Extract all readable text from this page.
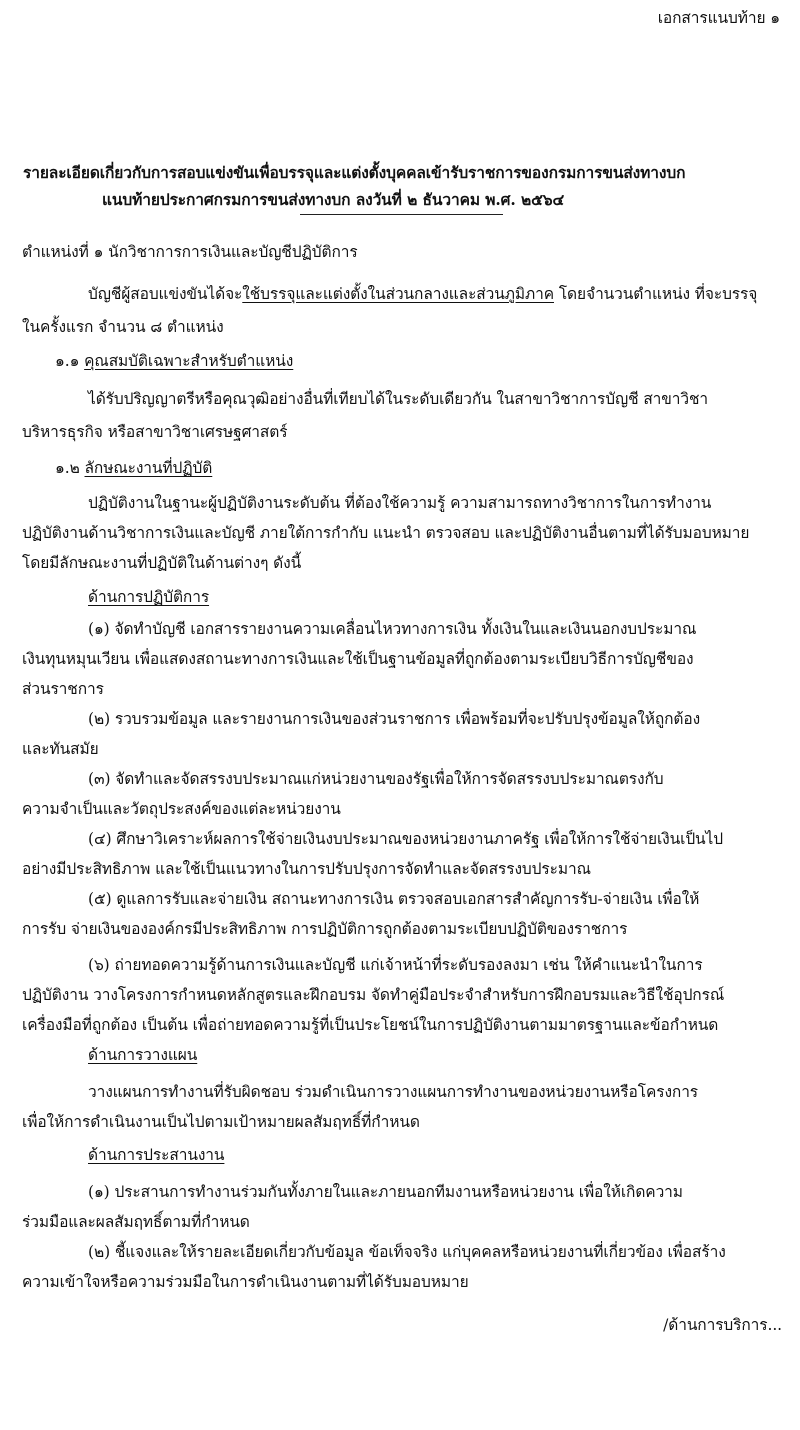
เอกสารแนบท้าย ๑
รายละเอียดเกี่ยวกับการสอบแข่งขันเพื่อบรรจุและแต่งตั้งบุคคลเข้ารับราชการของกรมการขนส่งทางบก
แนบท้ายประกาศกรมการขนส่งทางบก ลงวันที่ ๒ ธันวาคม พ.ศ. ๒๕๖๔
ตำแหน่งที่ ๑ นักวิชาการการเงินและบัญชีปฏิบัติการ
บัญชีผู้สอบแข่งขันได้จะใช้บรรจุและแต่งตั้งในส่วนกลางและส่วนภูมิภาค โดยจำนวนตำแหน่ง ที่จะบรรจุ
ในครั้งแรก จำนวน ๘ ตำแหน่ง
๑.๑ คุณสมบัติเฉพาะสำหรับตำแหน่ง
ได้รับปริญญาตรีหรือคุณวุฒิอย่างอื่นที่เทียบได้ในระดับเดียวกัน ในสาขาวิชาการบัญชี สาขาวิชา
บริหารธุรกิจ หรือสาขาวิชาเศรษฐศาสตร์
๑.๒ ลักษณะงานที่ปฏิบัติ
ปฏิบัติงานในฐานะผู้ปฏิบัติงานระดับต้น ที่ต้องใช้ความรู้ ความสามารถทางวิชาการในการทำงาน
ปฏิบัติงานด้านวิชาการเงินและบัญชี ภายใต้การกำกับ แนะนำ ตรวจสอบ และปฏิบัติงานอื่นตามที่ได้รับมอบหมาย
โดยมีลักษณะงานที่ปฏิบัติในด้านต่างๆ ดังนี้
ด้านการปฏิบัติการ
(๑) จัดทำบัญชี เอกสารรายงานความเคลื่อนไหวทางการเงิน ทั้งเงินในและเงินนอกงบประมาณ
เงินทุนหมุนเวียน เพื่อแสดงสถานะทางการเงินและใช้เป็นฐานข้อมูลที่ถูกต้องตามระเบียบวิธีการบัญชีของ
ส่วนราชการ
(๒) รวบรวมข้อมูล และรายงานการเงินของส่วนราชการ เพื่อพร้อมที่จะปรับปรุงข้อมูลให้ถูกต้อง
และทันสมัย
(๓) จัดทำและจัดสรรงบประมาณแก่หน่วยงานของรัฐเพื่อให้การจัดสรรงบประมาณตรงกับ
ความจำเป็นและวัตถุประสงค์ของแต่ละหน่วยงาน
(๔) ศึกษาวิเคราะห์ผลการใช้จ่ายเงินงบประมาณของหน่วยงานภาครัฐ เพื่อให้การใช้จ่ายเงินเป็นไป
อย่างมีประสิทธิภาพ และใช้เป็นแนวทางในการปรับปรุงการจัดทำและจัดสรรงบประมาณ
(๕) ดูแลการรับและจ่ายเงิน สถานะทางการเงิน ตรวจสอบเอกสารสำคัญการรับ-จ่ายเงิน เพื่อให้
การรับ จ่ายเงินขององค์กรมีประสิทธิภาพ การปฏิบัติการถูกต้องตามระเบียบปฏิบัติของราชการ
(๖) ถ่ายทอดความรู้ด้านการเงินและบัญชี แก่เจ้าหน้าที่ระดับรองลงมา เช่น ให้คำแนะนำในการ
ปฏิบัติงาน วางโครงการกำหนดหลักสูตรและฝึกอบรม จัดทำคู่มือประจำสำหรับการฝึกอบรมและวิธีใช้อุปกรณ์
เครื่องมือที่ถูกต้อง เป็นต้น เพื่อถ่ายทอดความรู้ที่เป็นประโยชน์ในการปฏิบัติงานตามมาตรฐานและข้อกำหนด
ด้านการวางแผน
วางแผนการทำงานที่รับผิดชอบ ร่วมดำเนินการวางแผนการทำงานของหน่วยงานหรือโครงการ
เพื่อให้การดำเนินงานเป็นไปตามเป้าหมายผลสัมฤทธิ์ที่กำหนด
ด้านการประสานงาน
(๑) ประสานการทำงานร่วมกันทั้งภายในและภายนอกทีมงานหรือหน่วยงาน เพื่อให้เกิดความ
ร่วมมือและผลสัมฤทธิ์ตามที่กำหนด
(๒) ชี้แจงและให้รายละเอียดเกี่ยวกับข้อมูล ข้อเท็จจริง แก่บุคคลหรือหน่วยงานที่เกี่ยวข้อง เพื่อสร้าง
ความเข้าใจหรือความร่วมมือในการดำเนินงานตามที่ได้รับมอบหมาย
/ด้านการบริการ...
